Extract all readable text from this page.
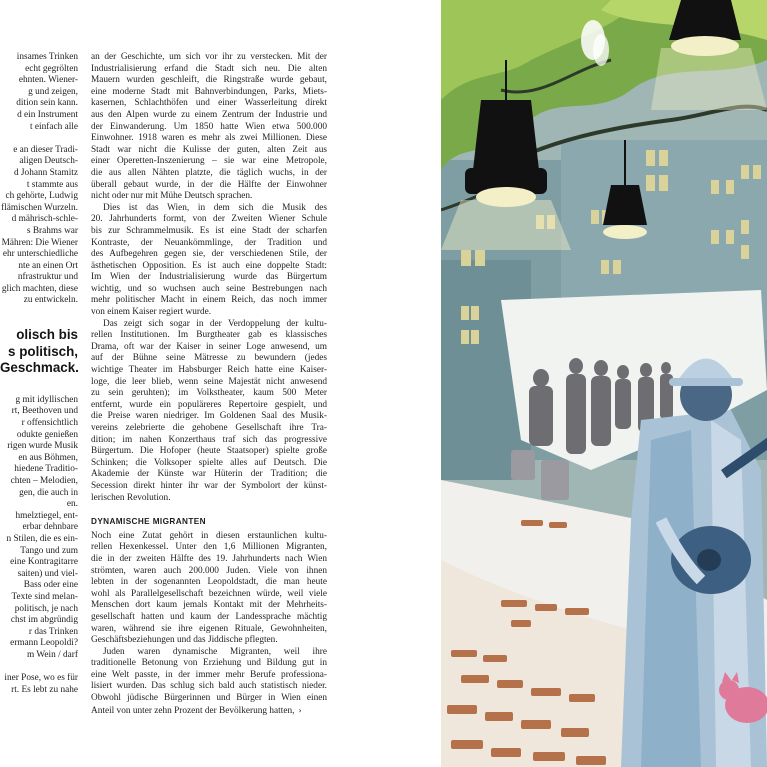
insames Trinken
echt gegrölten
ehnten. Wiener-
g und zeigen,
dition sein kann.
d ein Instrument
t einfach alle
e an dieser Tradi-
aligen Deutsch-
d Johann Stamitz
t stammte aus
ch gehörte, Ludwig
flämischen Wurzeln.
d mährisch-schle-
s Brahms war
Mähren: Die Wiener
ehr unterschiedliche
nte an einen Ort
nfrastruktur und
glich machten, diese
zu entwickeln.
olisch bis
s politisch,
Geschmack.
g mit idyllischen
rt, Beethoven und
r offensichtlich
odukte genießen
rigen wurde Musik
en aus Böhmen,
hiedene Traditio-
chten – Melodien,
gen, die auch in
en.
hmelztiegel, ent-
erbar dehnbare
n Stilen, die es ein-
Tango und zum
eine Kontragitarre
saiten) und viel-
Bass oder eine
Texte sind melan-
politisch, je nach
chst im abgründig
r das Trinken
ermann Leopoldi?
m Wein / darf
iner Pose, wo es für
rt. Es lebt zu nahe
an der Geschichte, um sich vor ihr zu verstecken. Mit der
Industrialisierung erfand die Stadt sich neu. Die alten
Mauern wurden geschleift, die Ringstraße wurde gebaut,
eine moderne Stadt mit Bahnverbindungen, Parks, Miets-
kasernen, Schlachthöfen und einer Wasserleitung direkt
aus den Alpen wurde zu einem Zentrum der Industrie und
der Einwanderung. Um 1850 hatte Wien etwa 500.000
Einwohner. 1918 waren es mehr als zwei Millionen. Diese
Stadt war nicht die Kulisse der guten, alten Zeit aus
einer Operetten-Inszenierung – sie war eine Metropole,
die aus allen Nähten platzte, die täglich wuchs, in der
überall gebaut wurde, in der die Hälfte der Einwohner
nicht oder nur mit Mühe Deutsch sprachen.
Dies ist das Wien, in dem sich die Musik des
20. Jahrhunderts formt, von der Zweiten Wiener Schule
bis zur Schrammelmusik. Es ist eine Stadt der scharfen
Kontraste, der Neuankömmlinge, der Tradition und
des Aufbegehren gegen sie, der verschiedenen Stile, der
ästhetischen Opposition. Es ist auch eine doppelte Stadt:
Im Wien der Industrialisierung wurde das Bürgertum
wichtig, und so wuchsen auch seine Bestrebungen nach
mehr politischer Macht in einem Reich, das noch immer
von einem Kaiser regiert wurde.
Das zeigt sich sogar in der Verdoppelung der kultu-
rellen Institutionen. Im Burgtheater gab es klassisches
Drama, oft war der Kaiser in seiner Loge anwesend, um
auf der Bühne seine Mätresse zu bewundern (jedes
wichtige Theater im Habsburger Reich hatte eine Kaiser-
loge, die leer blieb, wenn seine Majestät nicht anwesend
zu sein geruhten); im Volkstheater, kaum 500 Meter
entfernt, wurde ein populäreres Repertoire gespielt, und
die Preise waren niedriger. Im Goldenen Saal des Musik-
vereins zelebrierte die gehobene Gesellschaft ihre Tra-
dition; im nahen Konzerthaus traf sich das progressive
Bürgertum. Die Hofoper (heute Staatsoper) spielte große
Schinken; die Volksoper spielte alles auf Deutsch. Die
Akademie der Künste war Hüterin der Tradition; die
Secession direkt hinter ihr war der Symbolort der künst-
lerischen Revolution.
DYNAMISCHE MIGRANTEN
Noch eine Zutat gehört in diesen erstaunlichen kultu-
rellen Hexenkessel. Unter den 1,6 Millionen Migranten,
die in der zweiten Hälfte des 19. Jahrhunderts nach Wien
strömten, waren auch 200.000 Juden. Viele von ihnen
lebten in der sogenannten Leopoldstadt, die man heute
wohl als Parallelgesellschaft bezeichnen würde, weil viele
Menschen dort kaum jemals Kontakt mit der Mehrheits-
gesellschaft hatten und kaum der Landessprache mächtig
waren, während sie ihre eigenen Rituale, Gewohnheiten,
Geschäftsbeziehungen und das Jiddische pflegten.
Juden waren dynamische Migranten, weil ihre
traditionelle Betonung von Erziehung und Bildung gut in
eine Welt passte, in der immer mehr Berufe professiona-
lisiert wurden. Das schlug sich bald auch statistisch nieder.
Obwohl jüdische Bürgerinnen und Bürger in Wien einen
Anteil von unter zehn Prozent der Bevölkerung hatten, ›
